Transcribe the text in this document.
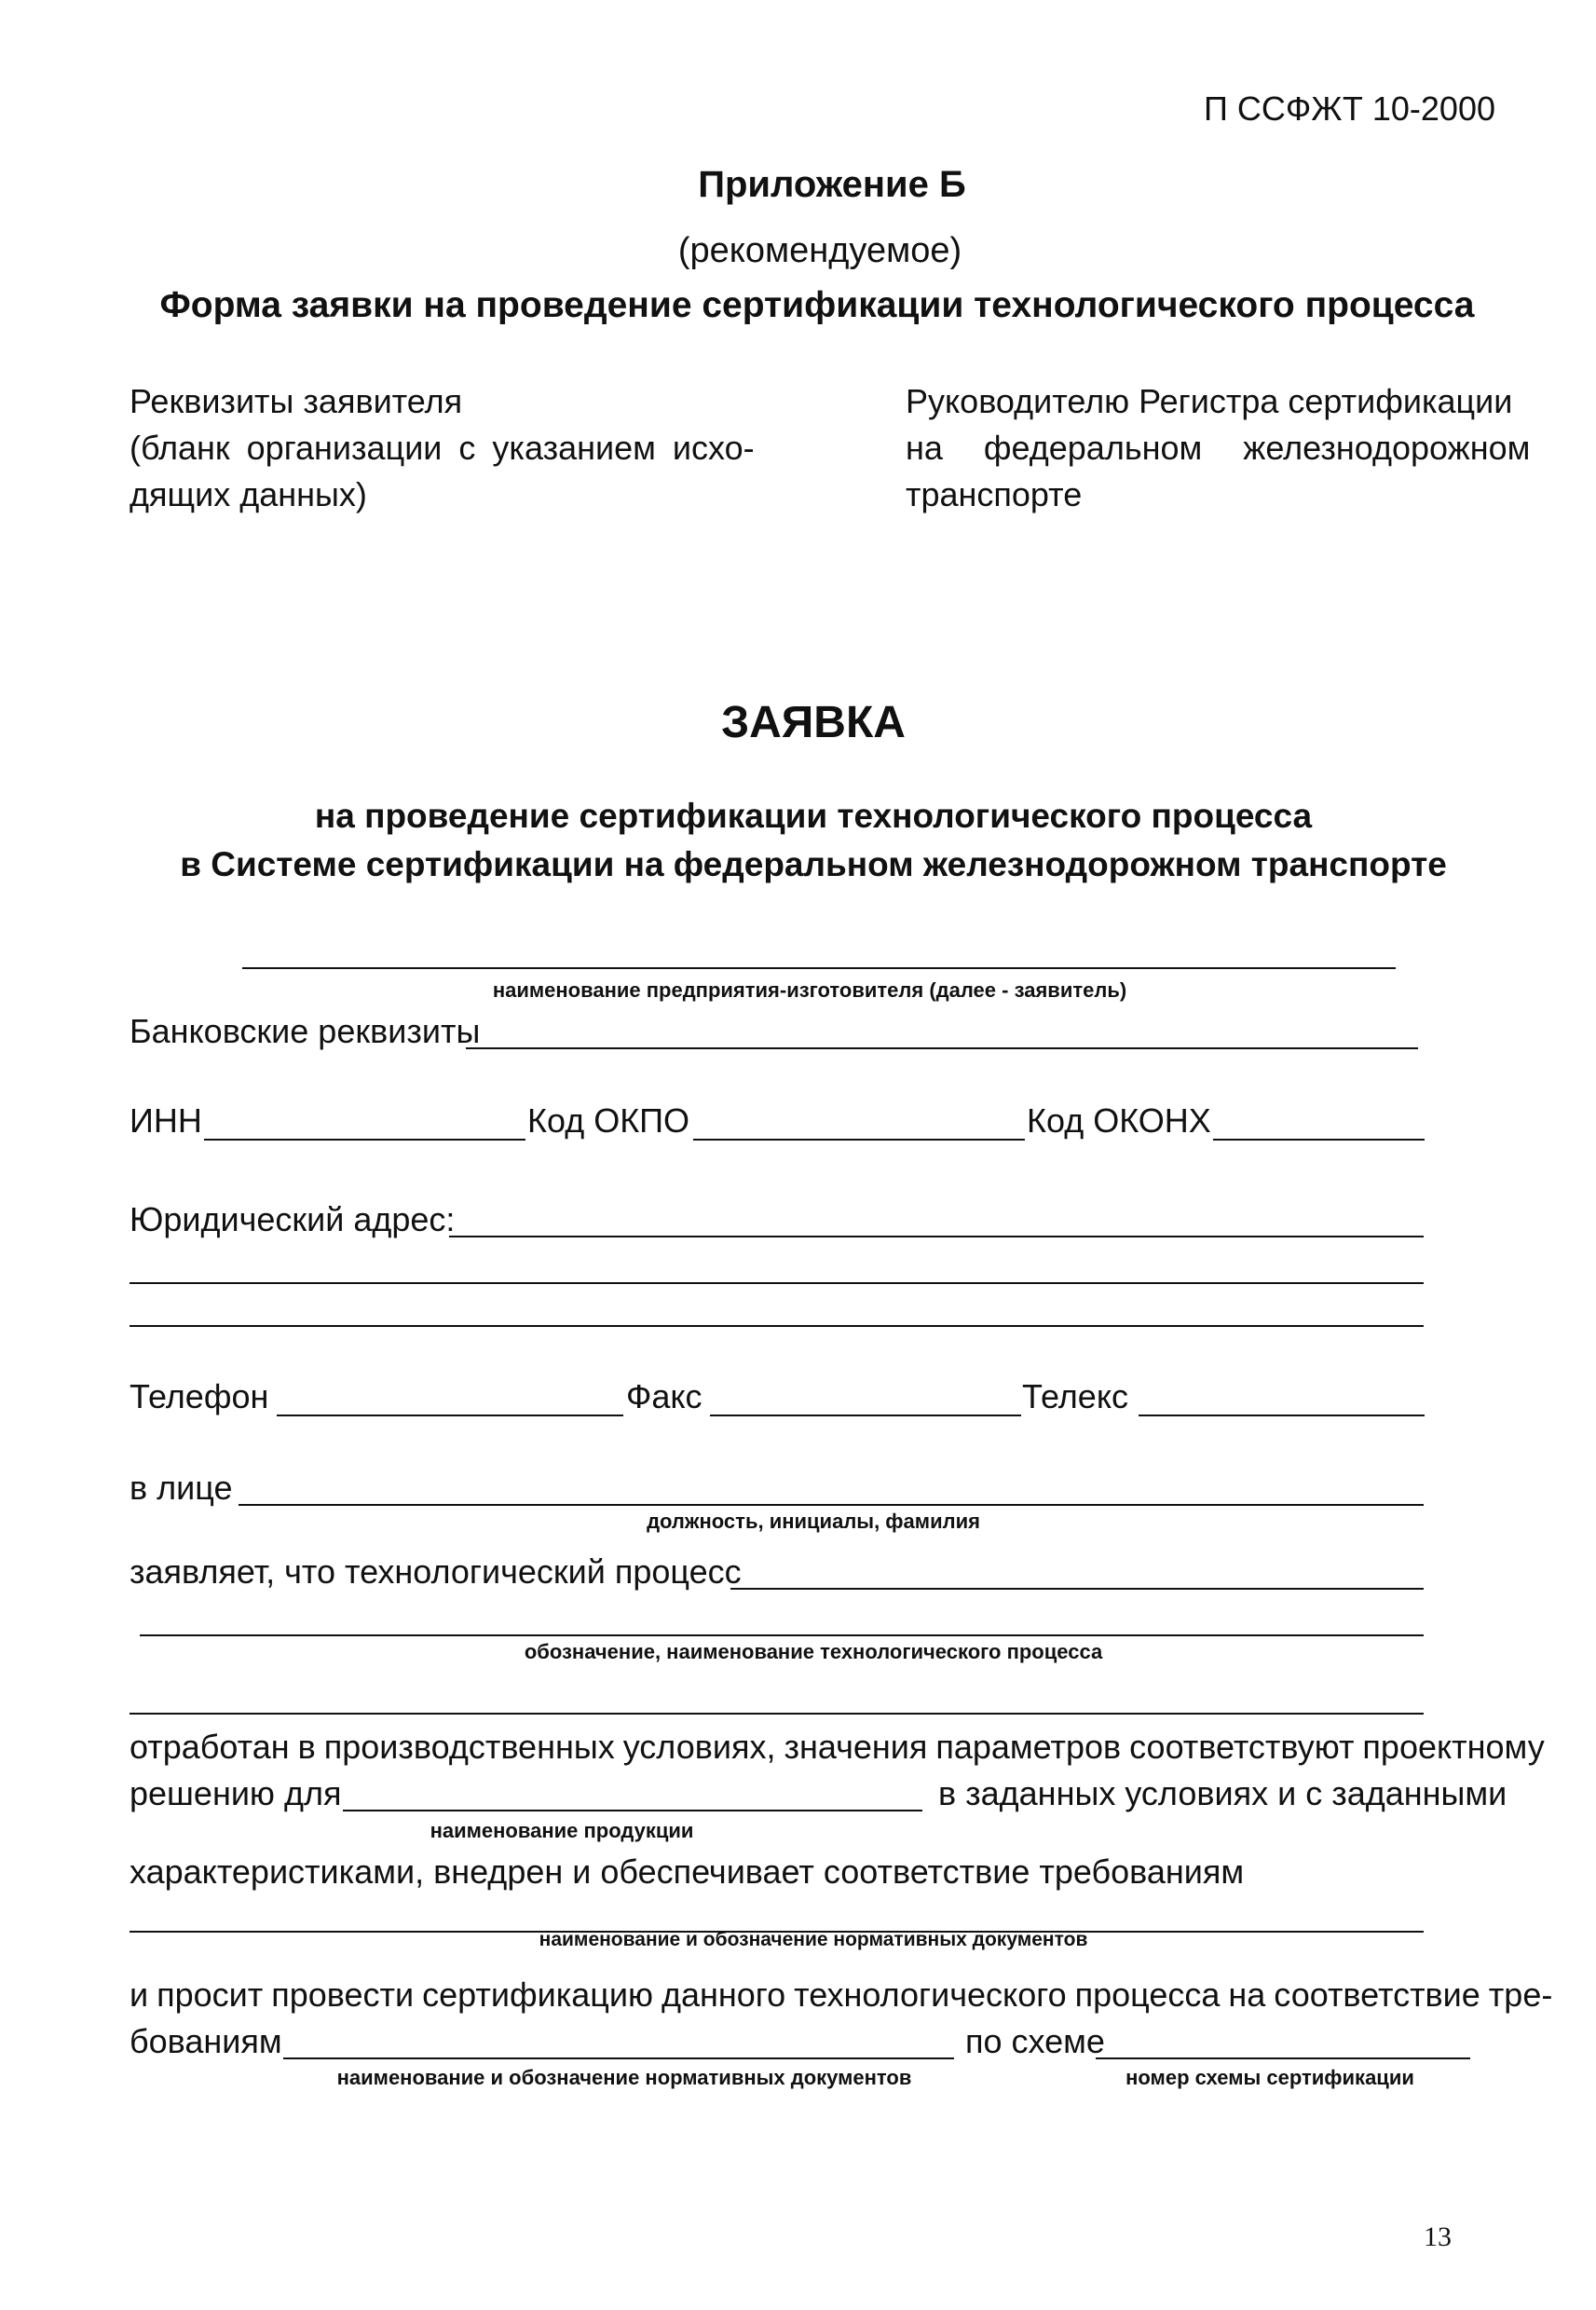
П ССФЖТ 10-2000
Приложение Б
(рекомендуемое)
Форма заявки на проведение сертификации технологического процесса
Реквизиты заявителя
(бланк организации с указанием исхо-
дящих данных)
Руководителю Регистра сертификации
на федеральном железнодорожном
транспорте
ЗАЯВКА
на проведение сертификации технологического процесса
в Системе сертификации на федеральном железнодорожном транспорте
наименование предприятия-изготовителя (далее - заявитель)
Банковские реквизиты
ИНН	Код ОКПО	Код ОКОНХ
Юридический адрес:
Телефон	Факс	Телекс
в лице
должность, инициалы, фамилия
заявляет, что технологический процесс
обозначение, наименование технологического процесса
отработан в производственных условиях, значения параметров соответствуют проектному
решению для	в заданных условиях и с заданными
наименование продукции
характеристиками, внедрен и обеспечивает соответствие требованиям
наименование и обозначение нормативных документов
и просит провести сертификацию данного технологического процесса на соответствие тре-
бованиям	по схеме
наименование и обозначение нормативных документов	номер схемы сертификации
13
